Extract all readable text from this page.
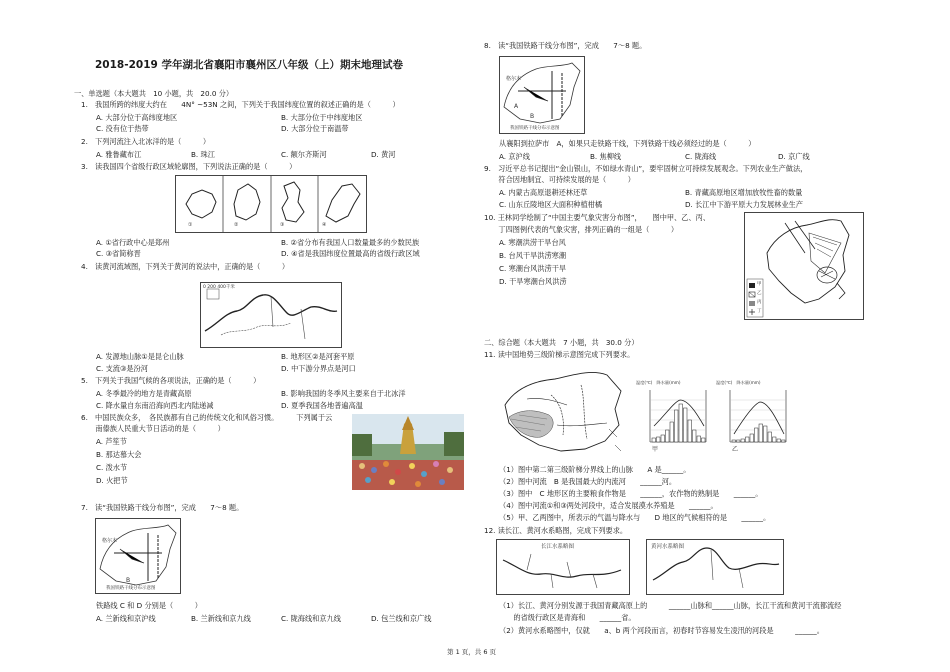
2018-2019 学年湖北省襄阳市襄州区八年级（上）期末地理试卷
一、单选题（本大题共　10 小题，共　20.0 分）
1.　我国所跨的纬度大约在　　4N° ~53N 之间，下列关于我国纬度位置的叙述正确的是（　　　）
A. 大部分位于高纬度地区	B. 大部分位于中纬度地区
C. 没有位于热带	D. 大部分位于南温带
2.　下列河流注入北冰洋的是（　　　）
A. 雅鲁藏布江	B. 珠江	C. 额尔齐斯河	D. 黄河
3.　读我国四个省级行政区域轮廓图，下列说法正确的是（　　　）
①	②	③	④
A. ①省行政中心是郑州	B. ②省分布有我国人口数量最多的少数民族
C. ③省简称晋	D. ④省是我国纬度位置最高的省级行政区域
4.　读黄河流域图，下列关于黄河的说法中，正确的是（　　　）
0 200 400千米
A. 发源地山脉①是昆仑山脉	B. 地形区②是河套平原
C. 支流③是汾河	D. 中下游分界点是河口
5.　下列关于我国气候的各项说法，正确的是（　　　）
A. 冬季最冷的地方是青藏高原	B. 影响我国的冬季风主要来自于北冰洋
C. 降水量自东南沿海向西北内陆递减	D. 夏季我国各地普遍高温
6.　中国民族众多，　各民族都有自己的传统文化和风俗习惯。　　　下列属于云
　　南傣族人民重大节日活动的是（　　　）
A. 芦笙节
B. 那达慕大会
C. 泼水节
D. 火把节
7.　读“我国铁路干线分布图”，完成　　7～8 题。
格尔木
B
我国铁路干线分布示意图
铁路线 C 和 D 分别是（　　　）
A. 兰新线和京沪线	B. 兰新线和京九线	C. 陇海线和京九线	D. 包兰线和京广线
8.　读“我国铁路干线分布图”，完成　　7～8 题。
格尔木
B
A
我国铁路干线分布示意图
从襄阳到拉萨市　A，如果只走铁路干线，下列铁路干线必须经过的是（　　　）
A. 京沪线	B. 焦柳线	C. 陇海线	D. 京广线
9.　习近平总书记提出“金山银山，不如绿水青山”，要牢固树立可持续发展观念。下列农业生产做法，
　　符合因地制宜、可持续发展的是（　　　）
A. 内蒙古高原退耕还林还草	B. 青藏高原地区增加放牧性畜的数量
C. 山东丘陵地区大面积种植柑橘	D. 长江中下游平原大力发展林业生产
10. 王林同学绘制了“中国主要气象灾害分布图”，　　图中甲、乙、丙、
　　丁四图例代表的气象灾害，排列正确的一组是（　　　）
A. 寒潮洪涝干旱台风
B. 台风干旱洪涝寒潮
C. 寒潮台风洪涝干旱
D. 干旱寒潮台风洪涝	甲
乙
丙
丁
二、综合题（本大题共　7 小题，共　30.0 分）
11. 读中国地势三级阶梯示意图完成下列要求。
温度(℃)　降水量(mm)
甲
温度(℃)　降水量(mm)
乙
（1）图中第二第三级阶梯分界线上的山脉　　A 是______。
（2）图中河流　B 是我国最大的内流河　　______河。
（3）图中　C 地形区的主要粮食作物是　　______，农作物的熟制是　　______。
（4）图中河流①和③两处河段中，适合发展漠水养殖是　　______。
（5）甲、乙两图中，所表示的气温与降水与　　D 地区的气候相符的是　　______。
12. 读长江、黄河水系略图，完成下列要求。
长江水系略图	黄河水系略图
（1）长江、黄河分别发源于我国青藏高原上的　　　______山脉和______山脉，长江干流和黄河干流都流经
　　的省级行政区是青海和　　______省。
（2）黄河水系略图中，仅就　　a、b 两个河段而言，初春时节容易发生凌汛的河段是　　　______。
第 1 页，共 6 页
